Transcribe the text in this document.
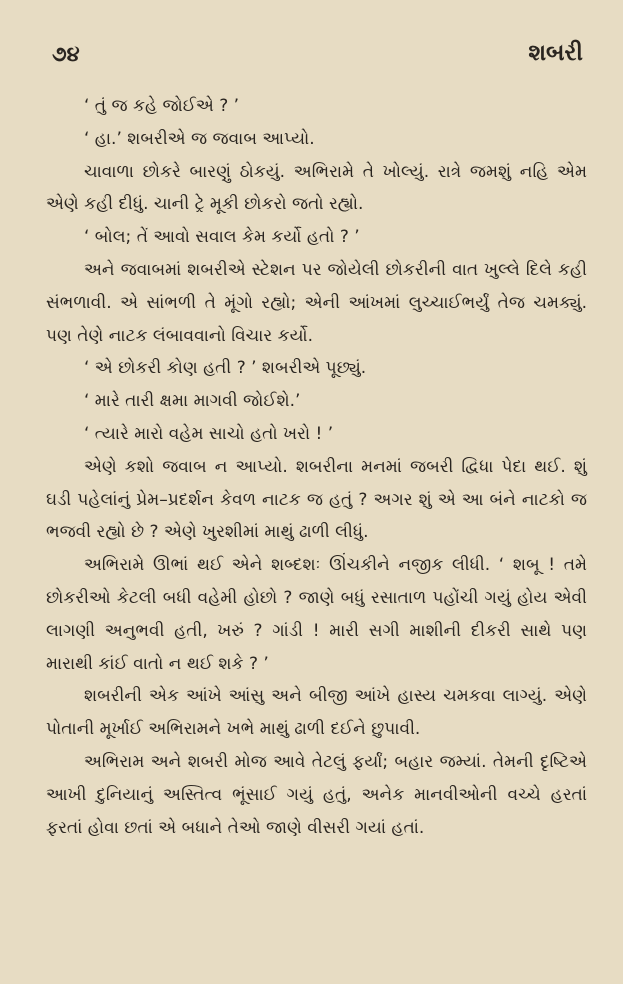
૭૪	શબરી

‘ તું જ કહે જોઈએ ? ’

‘ હા.’ શબરીએ જ જવાબ આપ્યો.

ચાવાળા છોકરે બારણું ઠોકયું. અભિરામે તે ખોલ્યું. રાત્રે જમશું નહિ એમ એણે કહી દીધું. ચાની ટ્રે મૂકી છોકરો જતો રહ્યો.

‘ બોલ; તેં આવો સવાલ કેમ કર્યો હતો ? ’

અને જવાબમાં શબરીએ સ્ટેશન પર જોયેલી છોકરીની વાત ખુલ્લે દિલે કહી સંભળાવી. એ સાંભળી તે મૂંગો રહ્યો; એની આંખમાં લુચ્ચાઈભર્યું તેજ ચમક્યું. પણ તેણે નાટક લંબાવવાનો વિચાર કર્યો.

‘ એ છોકરી કોણ હતી ? ’ શબરીએ પૂછ્યું.

‘ મારે તારી ક્ષમા માગવી જોઈશે.’

‘ ત્યારે મારો વહેમ સાચો હતો ખરો ! ’

એણે કશો જવાબ ન આપ્યો. શબરીના મનમાં જબરી દ્વિધા પેદા થઈ. શું ઘડી પહેલાંનું પ્રેમ–પ્રદર્શન કેવળ નાટક જ હતું ? અગર શું એ આ બંને નાટકો જ ભજવી રહ્યો છે ? એણે ખુરશીમાં માથું ઢાળી લીધું.

અભિરામે ઊભાં થઈ એને શબ્દશઃ ઊંચકીને નજીક લીધી. ‘ શબૂ ! તમે છોકરીઓ કેટલી બધી વહેમી હોછો ? જાણે બધું રસાતાળ પહોંચી ગયું હોય એવી લાગણી અનુભવી હતી, ખરું ? ગાંડી ! મારી સગી માશીની દીકરી સાથે પણ મારાથી કાંઈ વાતો ન થઈ શકે ? ’

શબરીની એક આંખે આંસુ અને બીજી આંખે હાસ્ય ચમકવા લાગ્યું. એણે પોતાની મૂર્ખાઈ અભિરામને ખભે માથું ઢાળી દઈને છુપાવી.

અભિરામ અને શબરી મોજ આવે તેટલું ફર્યાં; બહાર જમ્યાં. તેમની દૃષ્ટિએ આખી દુનિયાનું અસ્તિત્વ ભૂંસાઈ ગયું હતું, અનેક માનવીઓની વચ્ચે હરતાં ફરતાં હોવા છતાં એ બધાને તેઓ જાણે વીસરી ગયાં હતાં.
